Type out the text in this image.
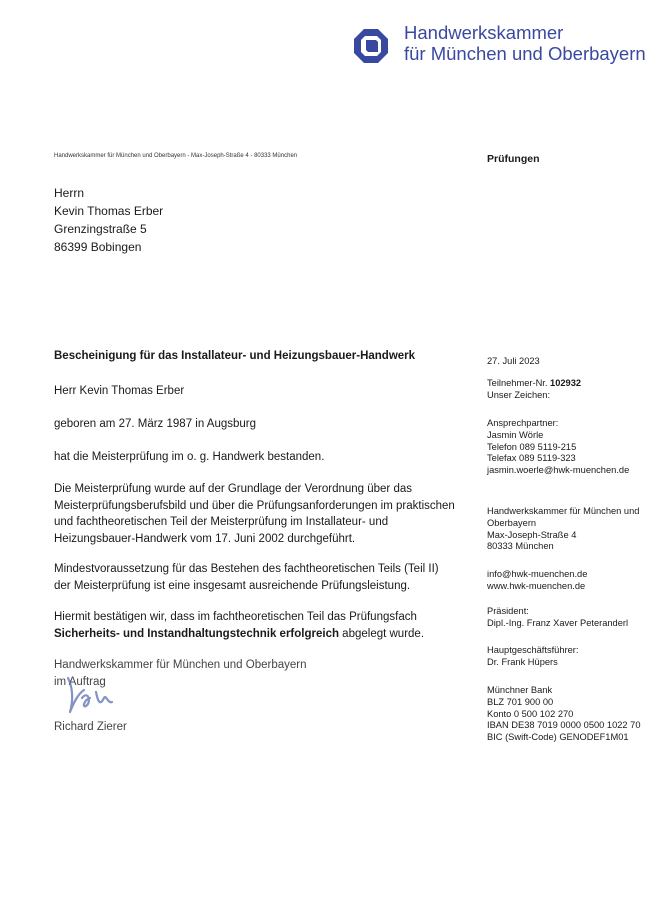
Handwerkskammer
für München und Oberbayern
Handwerkskammer für München und Oberbayern - Max-Joseph-Straße 4 - 80333 München	Prüfungen
Herrn
Kevin Thomas Erber
Grenzingstraße 5
86399 Bobingen
Bescheinigung für das Installateur- und Heizungsbauer-Handwerk
Herr Kevin Thomas Erber
geboren am 27. März 1987 in Augsburg
hat die Meisterprüfung im o. g. Handwerk bestanden.
Die Meisterprüfung wurde auf der Grundlage der Verordnung über das
Meisterprüfungsberufsbild und über die Prüfungsanforderungen im praktischen
und fachtheoretischen Teil der Meisterprüfung im Installateur- und
Heizungsbauer-Handwerk vom 17. Juni 2002 durchgeführt.
Mindestvoraussetzung für das Bestehen des fachtheoretischen Teils (Teil II)
der Meisterprüfung ist eine insgesamt ausreichende Prüfungsleistung.
Hiermit bestätigen wir, dass im fachtheoretischen Teil das Prüfungsfach
Sicherheits- und Instandhaltungstechnik erfolgreich abgelegt wurde.
Handwerkskammer für München und Oberbayern
im Auftrag
Richard Zierer
27. Juli 2023
Teilnehmer-Nr. 102932
Unser Zeichen:
Ansprechpartner:
Jasmin Wörle
Telefon 089 5119-215
Telefax 089 5119-323
jasmin.woerle@hwk-muenchen.de
Handwerkskammer für München und
Oberbayern
Max-Joseph-Straße 4
80333 München
info@hwk-muenchen.de
www.hwk-muenchen.de
Präsident:
Dipl.-Ing. Franz Xaver Peteranderl
Hauptgeschäftsführer:
Dr. Frank Hüpers
Münchner Bank
BLZ 701 900 00
Konto 0 500 102 270
IBAN DE38 7019 0000 0500 1022 70
BIC (Swift-Code) GENODEF1M01
